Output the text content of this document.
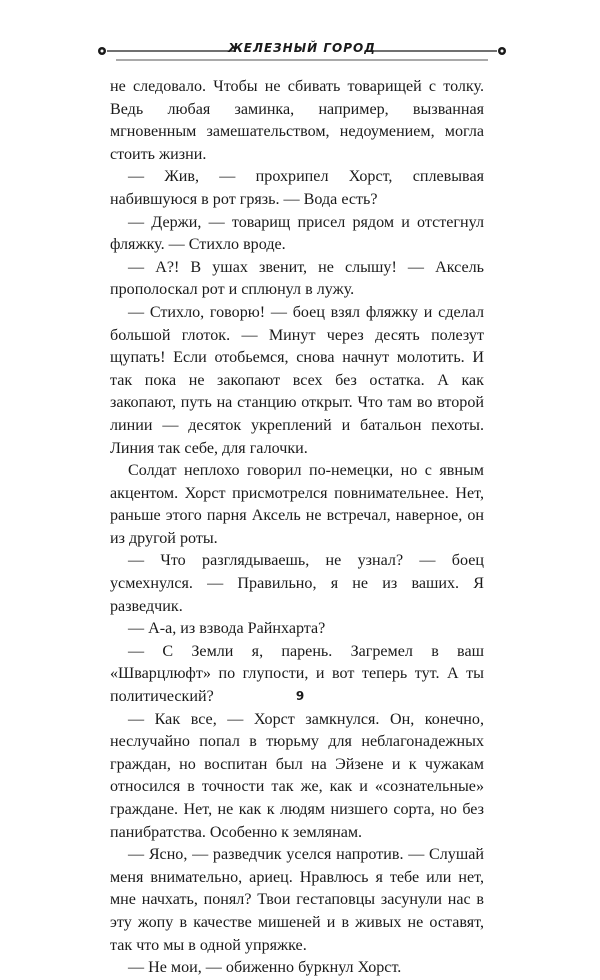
ЖЕЛЕЗНЫЙ ГОРОД

не следовало. Чтобы не сбивать товарищей с толку. Ведь любая заминка, например, вызванная мгновенным замешательством, недоумением, могла стоить жизни.

— Жив, — прохрипел Хорст, сплевывая набившуюся в рот грязь. — Вода есть?

— Держи, — товарищ присел рядом и отстегнул фляжку. — Стихло вроде.

— А?! В ушах звенит, не слышу! — Аксель прополоскал рот и сплюнул в лужу.

— Стихло, говорю! — боец взял фляжку и сделал большой глоток. — Минут через десять полезут щупать! Если отобьемся, снова начнут молотить. И так пока не закопают всех без остатка. А как закопают, путь на станцию открыт. Что там во второй линии — десяток укреплений и батальон пехоты. Линия так себе, для галочки.

Солдат неплохо говорил по-немецки, но с явным акцентом. Хорст присмотрелся повнимательнее. Нет, раньше этого парня Аксель не встречал, наверное, он из другой роты.

— Что разглядываешь, не узнал? — боец усмехнулся. — Правильно, я не из ваших. Я разведчик.

— А-а, из взвода Райнхарта?

— С Земли я, парень. Загремел в ваш «Шварцлюфт» по глупости, и вот теперь тут. А ты политический?

— Как все, — Хорст замкнулся. Он, конечно, неслучайно попал в тюрьму для неблагонадежных граждан, но воспитан был на Эйзене и к чужакам относился в точности так же, как и «сознательные» граждане. Нет, не как к людям низшего сорта, но без панибратства. Особенно к землянам.

— Ясно, — разведчик уселся напротив. — Слушай меня внимательно, ариец. Нравлюсь я тебе или нет, мне начхать, понял? Твои гестаповцы засунули нас в эту жопу в качестве мишеней и в живых не оставят, так что мы в одной упряжке.

— Не мои, — обиженно буркнул Хорст.

9
